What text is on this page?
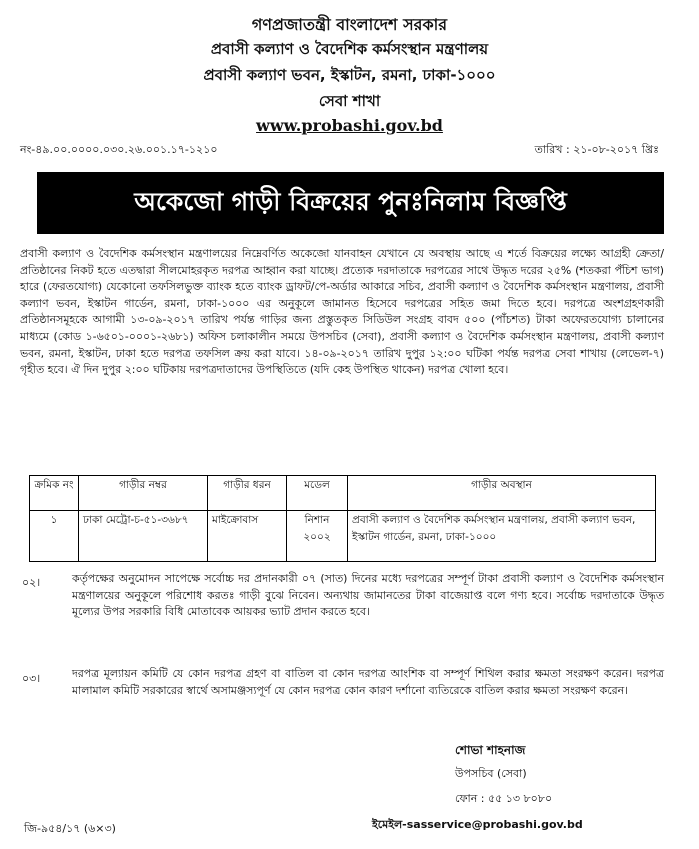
গণপ্রজাতন্ত্রী বাংলাদেশ সরকার
প্রবাসী কল্যাণ ও বৈদেশিক কর্মসংস্থান মন্ত্রণালয়
প্রবাসী কল্যাণ ভবন, ইস্কাটন, রমনা, ঢাকা-১০০০
সেবা শাখা
www.probashi.gov.bd
নং-৪৯.০০.০০০০.০৩০.২৬.০০১.১৭-১২১০	তারিখ : ২১-০৮-২০১৭ খ্রিঃ
অকেজো গাড়ী বিক্রয়ের পুনঃনিলাম বিজ্ঞপ্তি
প্রবাসী কল্যাণ ও বৈদেশিক কর্মসংস্থান মন্ত্রণালয়ের নিম্নেবর্ণিত অকেজো যানবাহন যেখানে যে অবস্থায় আছে এ শর্তে বিক্রয়ের লক্ষ্যে আগ্রহী ক্রেতা/প্রতিষ্ঠানের নিকট হতে এতদ্বারা সীলমোহরকৃত দরপত্র আহ্বান করা যাচ্ছে। প্রত্যেক দরদাতাকে দরপত্রের সাথে উদ্ধৃত দরের ২৫% (শতকরা পঁচিশ ভাগ) হারে (ফেরতযোগ্য) যেকোনো তফসিলভুক্ত ব্যাংক হতে ব্যাংক ড্রাফট/পে-অর্ডার আকারে সচিব, প্রবাসী কল্যাণ ও বৈদেশিক কর্মসংস্থান মন্ত্রণালয়, প্রবাসী কল্যাণ ভবন, ইস্কাটন গার্ডেন, রমনা, ঢাকা-১০০০ এর অনুকূলে জামানত হিসেবে দরপত্রের সহিত জমা দিতে হবে। দরপত্রে অংশগ্রহণকারী প্রতিষ্ঠানসমূহকে আগামী ১৩-০৯-২০১৭ তারিখ পর্যন্ত গাড়ির জন্য প্রস্তুতকৃত সিডিউল সংগ্রহ বাবদ ৫০০ (পাঁচশত) টাকা অফেরতযোগ্য চালানের মাধ্যমে (কোড ১-৬৫০১-০০০১-২৬৮১) অফিস চলাকালীন সময়ে উপসচিব (সেবা), প্রবাসী কল্যাণ ও বৈদেশিক কর্মসংস্থান মন্ত্রণালয়, প্রবাসী কল্যাণ ভবন, রমনা, ইস্কাটন, ঢাকা হতে দরপত্র তফসিল ক্রয় করা যাবে। ১৪-০৯-২০১৭ তারিখ দুপুর ১২:০০ ঘটিকা পর্যন্ত দরপত্র সেবা শাখায় (লেভেল-৭) গৃহীত হবে। ঐ দিন দুপুর ২:০০ ঘটিকায় দরপত্রদাতাদের উপস্থিতিতে (যদি কেহ উপস্থিত থাকেন) দরপত্র খোলা হবে।
ক্রমিক নং	গাড়ীর নম্বর	গাড়ীর ধরন	মডেল	গাড়ীর অবস্থান
১	ঢাকা মেট্রো-চ-৫১-৩৬৮৭	মাইক্রোবাস	নিশান ২০০২	প্রবাসী কল্যাণ ও বৈদেশিক কর্মসংস্থান মন্ত্রণালয়, প্রবাসী কল্যাণ ভবন, ইস্কাটন গার্ডেন, রমনা, ঢাকা-১০০০
০২।	কর্তৃপক্ষের অনুমোদন সাপেক্ষে সর্বোচ্চ দর প্রদানকারী ০৭ (সাত) দিনের মধ্যে দরপত্রের সম্পূর্ণ টাকা প্রবাসী কল্যাণ ও বৈদেশিক কর্মসংস্থান মন্ত্রণালয়ের অনুকূলে পরিশোধ করতঃ গাড়ী বুঝে নিবেন। অন্যথায় জামানতের টাকা বাজেয়াপ্ত বলে গণ্য হবে। সর্বোচ্চ দরদাতাকে উদ্ধৃত মূল্যের উপর সরকারি বিধি মোতাবেক আয়কর ভ্যাট প্রদান করতে হবে।
০৩।	দরপত্র মূল্যায়ন কমিটি যে কোন দরপত্র গ্রহণ বা বাতিল বা কোন দরপত্র আংশিক বা সম্পূর্ণ শিথিল করার ক্ষমতা সংরক্ষণ করেন। দরপত্র মালামাল কমিটি সরকারের স্বার্থে অসামঞ্জস্যপূর্ণ যে কোন দরপত্র কোন কারণ দর্শানো ব্যতিরেকে বাতিল করার ক্ষমতা সংরক্ষণ করেন।
শোভা শাহনাজ
উপসচিব (সেবা)
ফোন : ৫৫ ১৩ ৮০৮০
ইমেইল-sasservice@probashi.gov.bd
জি-৯৫৪/১৭ (৬×৩)
